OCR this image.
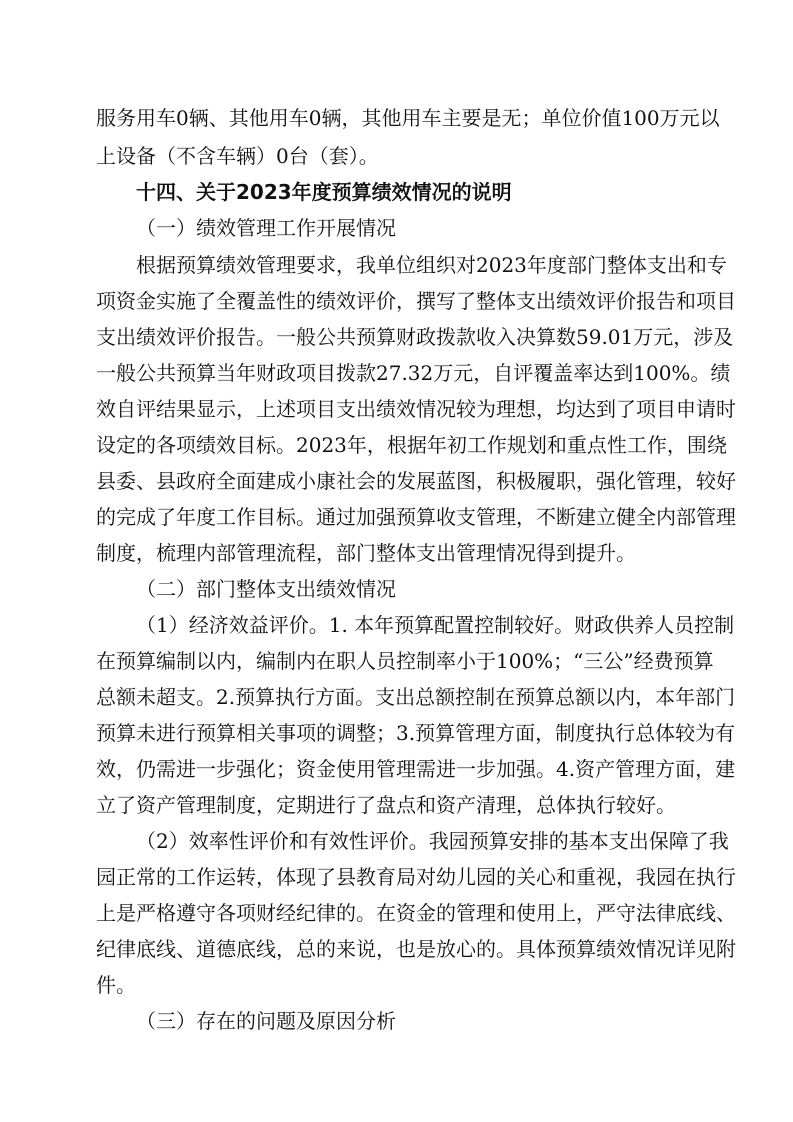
服务用车0辆、其他用车0辆，其他用车主要是无；单位价值100万元以
上设备（不含车辆）0台（套）。
十四、关于2023年度预算绩效情况的说明
（一）绩效管理工作开展情况
根据预算绩效管理要求，我单位组织对2023年度部门整体支出和专
项资金实施了全覆盖性的绩效评价，撰写了整体支出绩效评价报告和项目
支出绩效评价报告。一般公共预算财政拨款收入决算数59.01万元，涉及
一般公共预算当年财政项目拨款27.32万元，自评覆盖率达到100%。绩
效自评结果显示，上述项目支出绩效情况较为理想，均达到了项目申请时
设定的各项绩效目标。2023年，根据年初工作规划和重点性工作，围绕
县委、县政府全面建成小康社会的发展蓝图，积极履职，强化管理，较好
的完成了年度工作目标。通过加强预算收支管理，不断建立健全内部管理
制度，梳理内部管理流程，部门整体支出管理情况得到提升。
（二）部门整体支出绩效情况
（1）经济效益评价。1. 本年预算配置控制较好。财政供养人员控制
在预算编制以内，编制内在职人员控制率小于100%；“三公”经费预算
总额未超支。2.预算执行方面。支出总额控制在预算总额以内，本年部门
预算未进行预算相关事项的调整；3.预算管理方面，制度执行总体较为有
效，仍需进一步强化；资金使用管理需进一步加强。4.资产管理方面，建
立了资产管理制度，定期进行了盘点和资产清理，总体执行较好。
（2）效率性评价和有效性评价。我园预算安排的基本支出保障了我
园正常的工作运转，体现了县教育局对幼儿园的关心和重视，我园在执行
上是严格遵守各项财经纪律的。在资金的管理和使用上，严守法律底线、
纪律底线、道德底线，总的来说，也是放心的。具体预算绩效情况详见附
件。
（三）存在的问题及原因分析
